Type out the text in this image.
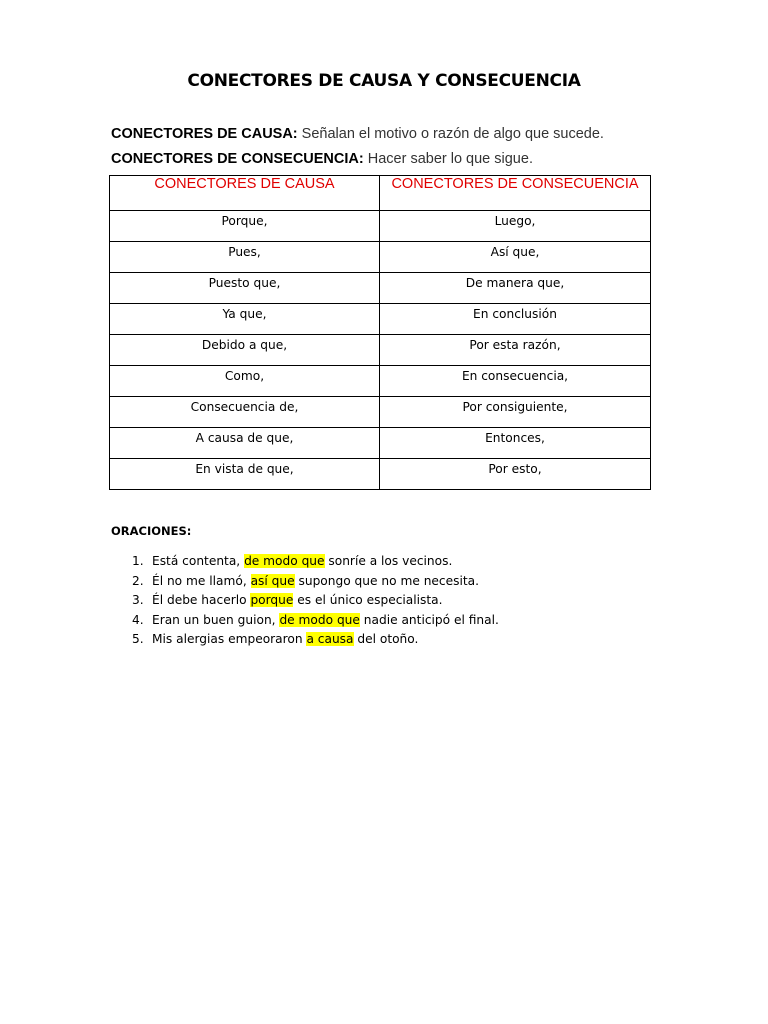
CONECTORES DE CAUSA Y CONSECUENCIA
CONECTORES DE CAUSA: Señalan el motivo o razón de algo que sucede.
CONECTORES DE CONSECUENCIA: Hacer saber lo que sigue.
CONECTORES DE CAUSA	CONECTORES DE CONSECUENCIA
Porque,	Luego,
Pues,	Así que,
Puesto que,	De manera que,
Ya que,	En conclusión
Debido a que,	Por esta razón,
Como,	En consecuencia,
Consecuencia de,	Por consiguiente,
A causa de que,	Entonces,
En vista de que,	Por esto,
ORACIONES:
1. Está contenta, de modo que sonríe a los vecinos.
2. Él no me llamó, así que supongo que no me necesita.
3. Él debe hacerlo porque es el único especialista.
4. Eran un buen guion, de modo que nadie anticipó el final.
5. Mis alergias empeoraron a causa del otoño.
